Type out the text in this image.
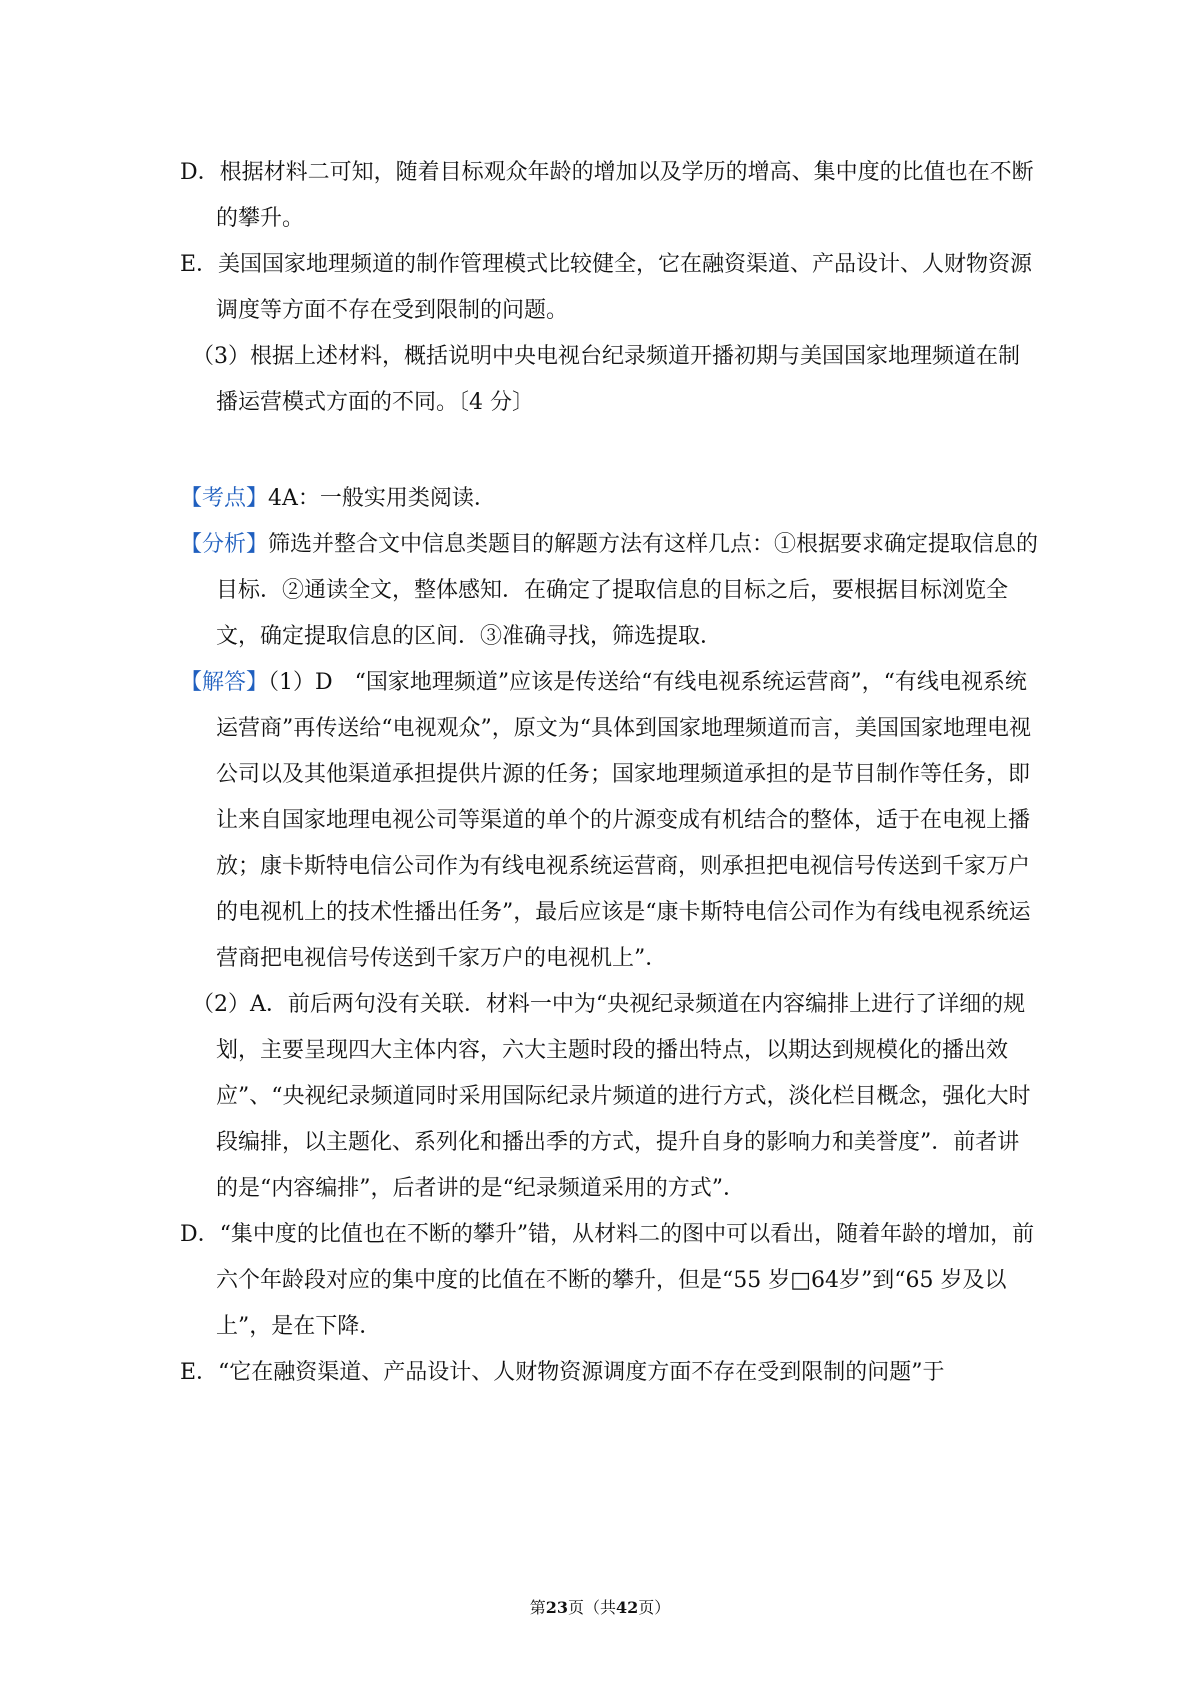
D．根据材料二可知，随着目标观众年龄的增加以及学历的增高、集中度的比值也在不断的攀升。

E．美国国家地理频道的制作管理模式比较健全，它在融资渠道、产品设计、人财物资源调度等方面不存在受到限制的问题。

（3）根据上述材料，概括说明中央电视台纪录频道开播初期与美国国家地理频道在制播运营模式方面的不同。〔4 分〕

【考点】4A：一般实用类阅读．

【分析】筛选并整合文中信息类题目的解题方法有这样几点：①根据要求确定提取信息的目标．②通读全文，整体感知．在确定了提取信息的目标之后，要根据目标浏览全文，确定提取信息的区间．③准确寻找，筛选提取．

【解答】（1）D　“国家地理频道”应该是传送给“有线电视系统运营商”，“有线电视系统运营商”再传送给“电视观众”，原文为“具体到国家地理频道而言，美国国家地理电视公司以及其他渠道承担提供片源的任务；国家地理频道承担的是节目制作等任务，即让来自国家地理电视公司等渠道的单个的片源变成有机结合的整体，适于在电视上播放；康卡斯特电信公司作为有线电视系统运营商，则承担把电视信号传送到千家万户的电视机上的技术性播出任务”，最后应该是“康卡斯特电信公司作为有线电视系统运营商把电视信号传送到千家万户的电视机上”．

（2）A．前后两句没有关联．材料一中为“央视纪录频道在内容编排上进行了详细的规划，主要呈现四大主体内容，六大主题时段的播出特点，以期达到规模化的播出效应”、“央视纪录频道同时采用国际纪录片频道的进行方式，淡化栏目概念，强化大时段编排，以主题化、系列化和播出季的方式，提升自身的影响力和美誉度”．前者讲的是“内容编排”，后者讲的是“纪录频道采用的方式”．

D．“集中度的比值也在不断的攀升”错，从材料二的图中可以看出，随着年龄的增加，前六个年龄段对应的集中度的比值在不断的攀升，但是“55 岁□64岁”到“65 岁及以上”，是在下降．

E．“它在融资渠道、产品设计、人财物资源调度方面不存在受到限制的问题”于

第23页（共42页）
